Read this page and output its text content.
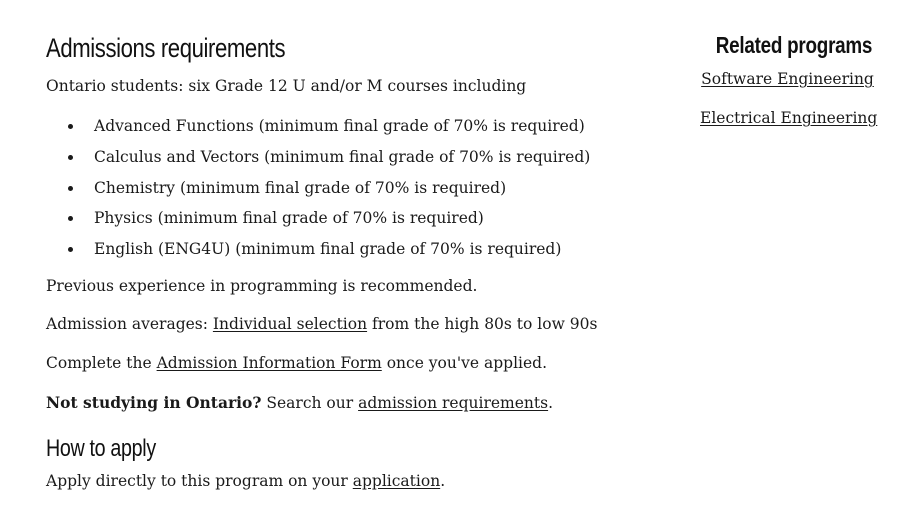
Admissions requirements

Ontario students: six Grade 12 U and/or M courses including

Advanced Functions (minimum final grade of 70% is required)
Calculus and Vectors (minimum final grade of 70% is required)
Chemistry (minimum final grade of 70% is required)
Physics (minimum final grade of 70% is required)
English (ENG4U) (minimum final grade of 70% is required)

Previous experience in programming is recommended.

Admission averages: Individual selection from the high 80s to low 90s

Complete the Admission Information Form once you've applied.

Not studying in Ontario? Search our admission requirements.

How to apply

Apply directly to this program on your application.

Related programs
Software Engineering
Electrical Engineering
